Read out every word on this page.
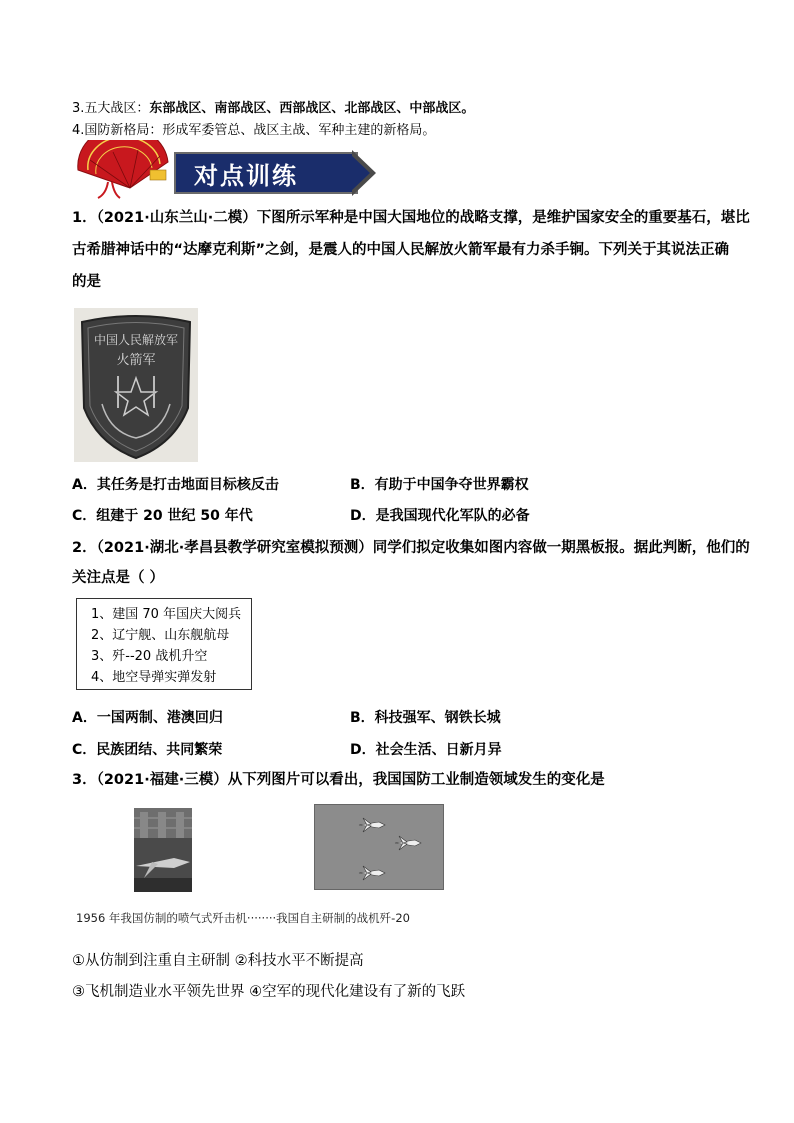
3.五大战区：东部战区、南部战区、西部战区、北部战区、中部战区。
4.国防新格局：形成军委管总、战区主战、军种主建的新格局。
对点训练
1．（2021·山东兰山·二模）下图所示军种是中国大国地位的战略支撑，是维护国家安全的重要基石，堪比
古希腊神话中的“达摩克利斯”之剑，是震人的中国人民解放火箭军最有力杀手锏。下列关于其说法正确
的是
中国人民解放军
火箭军
A．其任务是打击地面目标核反击	B．有助于中国争夺世界霸权
C．组建于 20 世纪 50 年代	D．是我国现代化军队的必备
2．（2021·湖北·孝昌县教学研究室模拟预测）同学们拟定收集如图内容做一期黑板报。据此判断，他们的
关注点是（ ）
1、建国 70 年国庆大阅兵
2、辽宁舰、山东舰航母
3、歼--20 战机升空
4、地空导弹实弹发射
A．一国两制、港澳回归	B．科技强军、钢铁长城
C．民族团结、共同繁荣	D．社会生活、日新月异
3．（2021·福建·三模）从下列图片可以看出，我国国防工业制造领域发生的变化是
1956 年我国仿制的喷气式歼击机········我国自主研制的战机歼-20
①从仿制到注重自主研制 ②科技水平不断提高
③飞机制造业水平领先世界 ④空军的现代化建设有了新的飞跃
